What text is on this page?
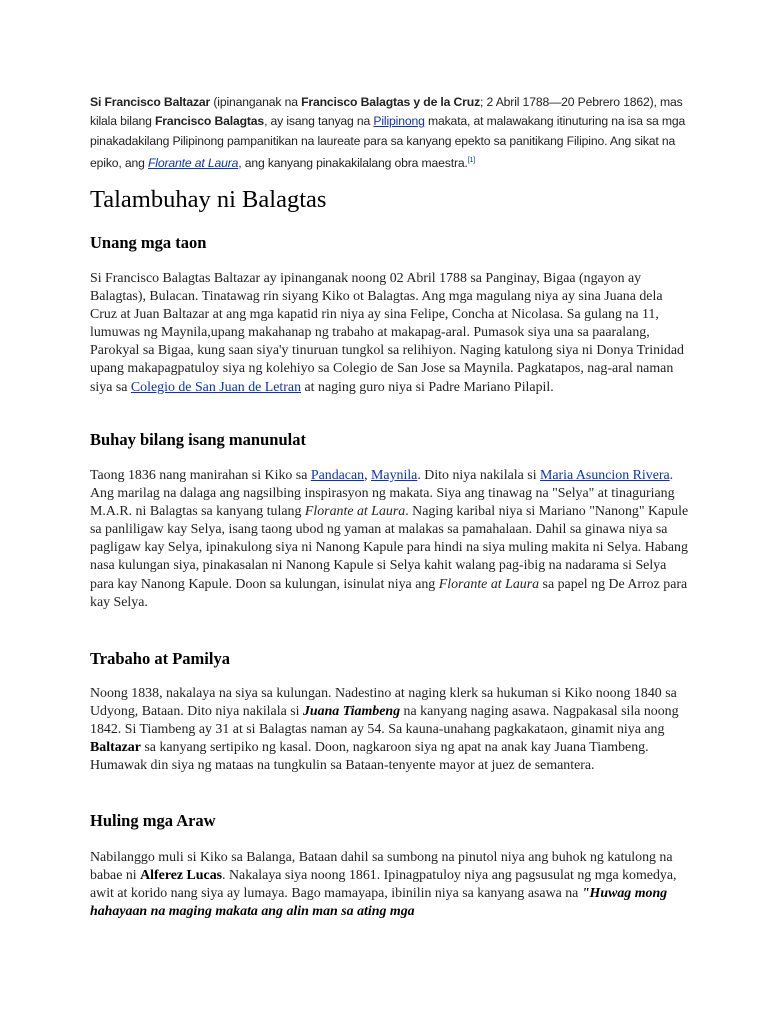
Si Francisco Baltazar (ipinanganak na Francisco Balagtas y de la Cruz; 2 Abril 1788—20 Pebrero 1862), mas kilala bilang Francisco Balagtas, ay isang tanyag na Pilipinong makata, at malawakang itinuturing na isa sa mga pinakadakilang Pilipinong pampanitikan na laureate para sa kanyang epekto sa panitikang Filipino. Ang sikat na epiko, ang Florante at Laura, ang kanyang pinakakilalang obra maestra.[1]

Talambuhay ni Balagtas
Unang mga taon

Si Francisco Balagtas Baltazar ay ipinanganak noong 02 Abril 1788 sa Panginay, Bigaa (ngayon ay Balagtas), Bulacan. Tinatawag rin siyang Kiko ot Balagtas. Ang mga magulang niya ay sina Juana dela Cruz at Juan Baltazar at ang mga kapatid rin niya ay sina Felipe, Concha at Nicolasa. Sa gulang na 11, lumuwas ng Maynila,upang makahanap ng trabaho at makapag-aral. Pumasok siya una sa paaralang, Parokyal sa Bigaa, kung saan siya'y tinuruan tungkol sa relihiyon. Naging katulong siya ni Donya Trinidad upang makapagpatuloy siya ng kolehiyo sa Colegio de San Jose sa Maynila. Pagkatapos, nag-aral naman siya sa Colegio de San Juan de Letran at naging guro niya si Padre Mariano Pilapil.

Buhay bilang isang manunulat

Taong 1836 nang manirahan si Kiko sa Pandacan, Maynila. Dito niya nakilala si Maria Asuncion Rivera. Ang marilag na dalaga ang nagsilbing inspirasyon ng makata. Siya ang tinawag na "Selya" at tinaguriang M.A.R. ni Balagtas sa kanyang tulang Florante at Laura. Naging karibal niya si Mariano "Nanong" Kapule sa panliligaw kay Selya, isang taong ubod ng yaman at malakas sa pamahalaan. Dahil sa ginawa niya sa pagligaw kay Selya, ipinakulong siya ni Nanong Kapule para hindi na siya muling makita ni Selya. Habang nasa kulungan siya, pinakasalan ni Nanong Kapule si Selya kahit walang pag-ibig na nadarama si Selya para kay Nanong Kapule. Doon sa kulungan, isinulat niya ang Florante at Laura sa papel ng De Arroz para kay Selya.

Trabaho at Pamilya

Noong 1838, nakalaya na siya sa kulungan. Nadestino at naging klerk sa hukuman si Kiko noong 1840 sa Udyong, Bataan. Dito niya nakilala si Juana Tiambeng na kanyang naging asawa. Nagpakasal sila noong 1842. Si Tiambeng ay 31 at si Balagtas naman ay 54. Sa kauna-unahang pagkakataon, ginamit niya ang Baltazar sa kanyang sertipiko ng kasal. Doon, nagkaroon siya ng apat na anak kay Juana Tiambeng. Humawak din siya ng mataas na tungkulin sa Bataan-tenyente mayor at juez de semantera.

Huling mga Araw

Nabilanggo muli si Kiko sa Balanga, Bataan dahil sa sumbong na pinutol niya ang buhok ng katulong na babae ni Alferez Lucas. Nakalaya siya noong 1861. Ipinagpatuloy niya ang pagsusulat ng mga komedya, awit at korido nang siya ay lumaya. Bago mamayapa, ibinilin niya sa kanyang asawa na "Huwag mong hahayaan na maging makata ang alin man sa ating mga
